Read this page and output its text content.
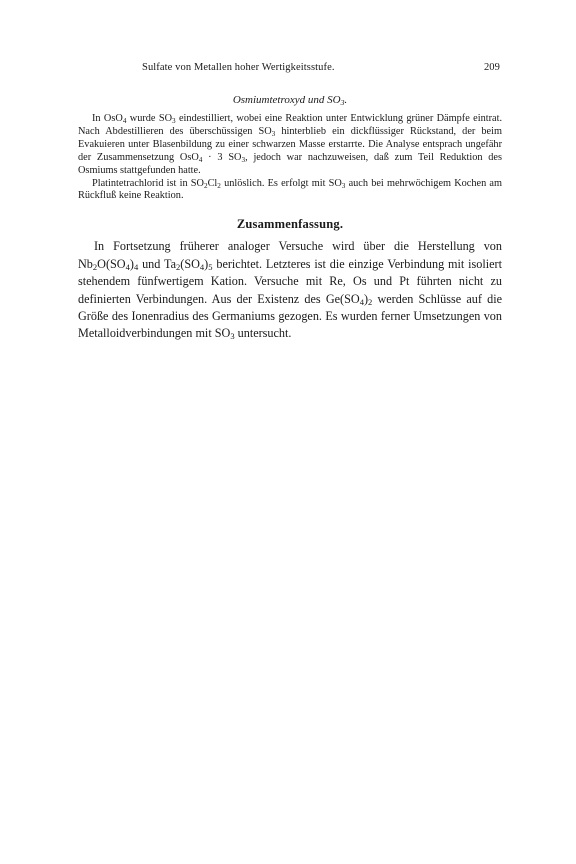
Sulfate von Metallen hoher Wertigkeitsstufe.	209
Osmiumtetroxyd und $SO_3$.

In OsO$_4$ wurde $SO_3$ eindestilliert, wobei eine Reaktion unter Entwicklung grüner Dämpfe eintrat. Nach Abdestillieren des überschüssigen $SO_3$ hinterblieb ein dickflüssiger Rückstand, der beim Evakuieren unter Blasenbildung zu einer schwarzen Masse erstarrte. Die Analyse entsprach ungefähr der Zusammensetzung OsO$_4$ · 3 $SO_3$, jedoch war nachzuweisen, daß zum Teil Reduktion des Osmiums stattgefunden hatte.

Platintetrachlorid ist in $SO_2Cl_2$ unlöslich. Es erfolgt mit $SO_3$ auch bei mehrwöchigem Kochen am Rückfluß keine Reaktion.

Zusammenfassung.

In Fortsetzung früherer analoger Versuche wird über die Herstellung von $Nb_2O(SO_4)_4$ und $Ta_2(SO_4)_5$ berichtet. Letzteres ist die einzige Verbindung mit isoliert stehendem fünfwertigem Kation. Versuche mit Re, Os und Pt führten nicht zu definierten Verbindungen. Aus der Existenz des $Ge(SO_4)_2$ werden Schlüsse auf die Größe des Ionenradius des Germaniums gezogen. Es wurden ferner Umsetzungen von Metalloidverbindungen mit $SO_3$ untersucht.
